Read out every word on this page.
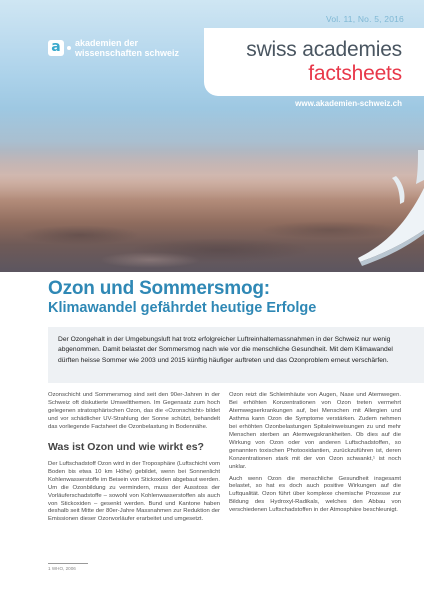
Vol. 11, No. 5, 2016
a	akademien der
wissenschaften schweiz	swiss academies
factsheets
www.akademien-schweiz.ch
Ozon und Sommersmog:
Klimawandel gefährdet heutige Erfolge
Der Ozongehalt in der Umgebungsluft hat trotz erfolgreicher Luftreinhaltemassnahmen in der Schweiz nur wenig abgenommen. Damit belastet der Sommersmog nach wie vor die menschliche Gesundheit. Mit dem Klimawandel dürften heisse Sommer wie 2003 und 2015 künftig häufiger auftreten und das Ozonproblem erneut verschärfen.

Ozonschicht und Sommersmog sind seit den 90er-Jahren in der Schweiz oft diskutierte Umweltthemen. Im Gegensatz zum hoch gelegenen stratosphärischen Ozon, das die «Ozonschicht» bildet und vor schädlicher UV-Strahlung der Sonne schützt, behandelt das vorliegende Factsheet die Ozonbelastung in Bodennähe.

Was ist Ozon und wie wirkt es?

Der Luftschadstoff Ozon wird in der Troposphäre (Luftschicht vom Boden bis etwa 10 km Höhe) gebildet, wenn bei Sonnenlicht Kohlenwasserstoffe im Beisein von Stickoxiden abgebaut werden. Um die Ozonbildung zu vermindern, muss der Ausstoss der Vorläuferschadstoffe – sowohl von Kohlenwasserstoffen als auch von Stickoxiden – gesenkt werden. Bund und Kantone haben deshalb seit Mitte der 80er-Jahre Massnahmen zur Reduktion der Emissionen dieser Ozonvorläufer erarbeitet und umgesetzt.

Ozon reizt die Schleimhäute von Augen, Nase und Atemwegen. Bei erhöhten Konzentrationen von Ozon treten vermehrt Atemwegserkrankungen auf, bei Menschen mit Allergien und Asthma kann Ozon die Symptome verstärken. Zudem nehmen bei erhöhten Ozonbelastungen Spitaleinweisungen zu und mehr Menschen sterben an Atemwegskrankheiten. Ob dies auf die Wirkung von Ozon oder von anderen Luftschadstoffen, so genannten toxischen Photooxidantien, zurückzuführen ist, deren Konzentrationen stark mit der von Ozon schwankt,¹ ist noch unklar.

Auch wenn Ozon die menschliche Gesundheit insgesamt belastet, so hat es doch auch positive Wirkungen auf die Luftqualität. Ozon führt über komplexe chemische Prozesse zur Bildung des Hydroxyl-Radikals, welches den Abbau von verschiedenen Luftschadstoffen in der Atmosphäre beschleunigt.

1 WHO, 2006
